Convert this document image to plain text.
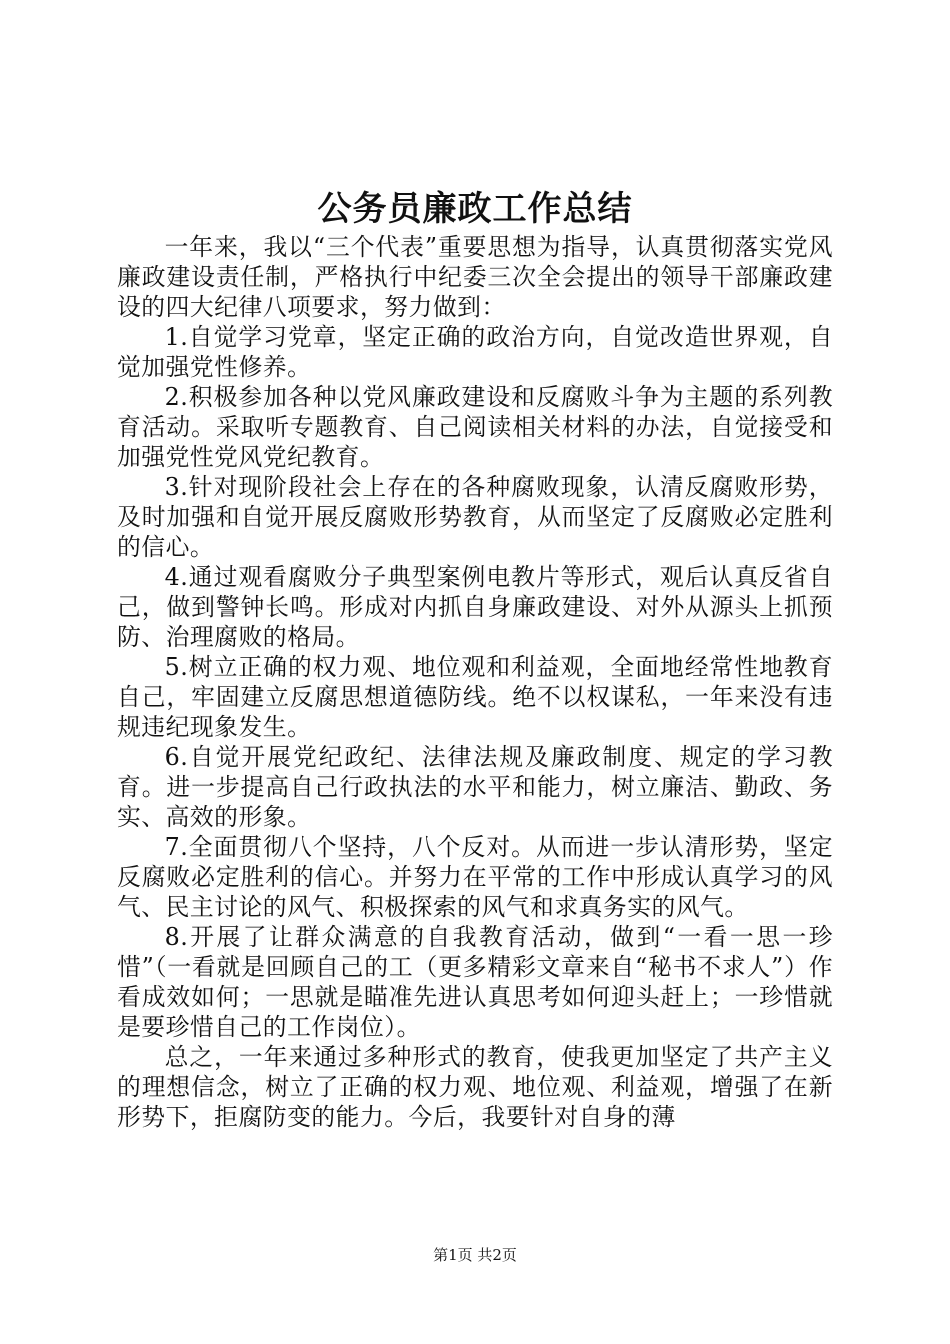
公务员廉政工作总结

一年来，我以“三个代表”重要思想为指导，认真贯彻落实党风廉政建设责任制，严格执行中纪委三次全会提出的领导干部廉政建设的四大纪律八项要求，努力做到：

1.自觉学习党章，坚定正确的政治方向，自觉改造世界观，自觉加强党性修养。

2.积极参加各种以党风廉政建设和反腐败斗争为主题的系列教育活动。采取听专题教育、自己阅读相关材料的办法，自觉接受和加强党性党风党纪教育。

3.针对现阶段社会上存在的各种腐败现象，认清反腐败形势，及时加强和自觉开展反腐败形势教育，从而坚定了反腐败必定胜利的信心。

4.通过观看腐败分子典型案例电教片等形式，观后认真反省自己，做到警钟长鸣。形成对内抓自身廉政建设、对外从源头上抓预防、治理腐败的格局。

5.树立正确的权力观、地位观和利益观，全面地经常性地教育自己，牢固建立反腐思想道德防线。绝不以权谋私，一年来没有违规违纪现象发生。

6.自觉开展党纪政纪、法律法规及廉政制度、规定的学习教育。进一步提高自己行政执法的水平和能力，树立廉洁、勤政、务实、高效的形象。

7.全面贯彻八个坚持，八个反对。从而进一步认清形势，坚定反腐败必定胜利的信心。并努力在平常的工作中形成认真学习的风气、民主讨论的风气、积极探索的风气和求真务实的风气。

8.开展了让群众满意的自我教育活动，做到“一看一思一珍惜”（一看就是回顾自己的工（更多精彩文章来自“秘书不求人”）作看成效如何；一思就是瞄准先进认真思考如何迎头赶上；一珍惜就是要珍惜自己的工作岗位）。

总之，一年来通过多种形式的教育，使我更加坚定了共产主义的理想信念，树立了正确的权力观、地位观、利益观，增强了在新形势下，拒腐防变的能力。今后，我要针对自身的薄

第1页 共2页
